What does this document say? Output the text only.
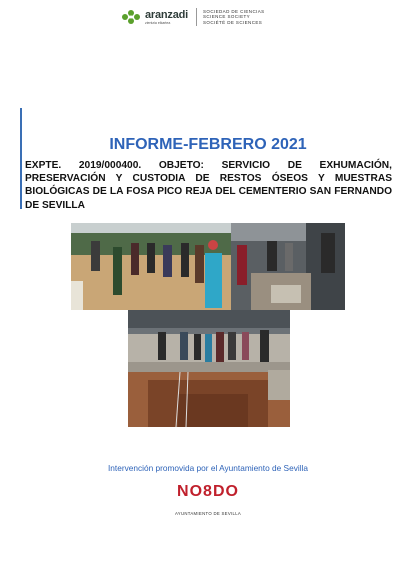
aranzadi
zientzia elkartea
SOCIEDAD DE CIENCIAS
SCIENCE SOCIETY
SOCIÉTÉ DE SCIENCES
INFORME-FEBRERO 2021

EXPTE. 2019/000400. OBJETO: SERVICIO DE EXHUMACIÓN, PRESERVACIÓN Y CUSTODIA DE RESTOS ÓSEOS Y MUESTRAS BIOLÓGICAS DE LA FOSA PICO REJA DEL CEMENTERIO SAN FERNANDO DE SEVILLA

Intervención promovida por el Ayuntamiento de Sevilla

NO8DO
AYUNTAMIENTO DE SEVILLA
